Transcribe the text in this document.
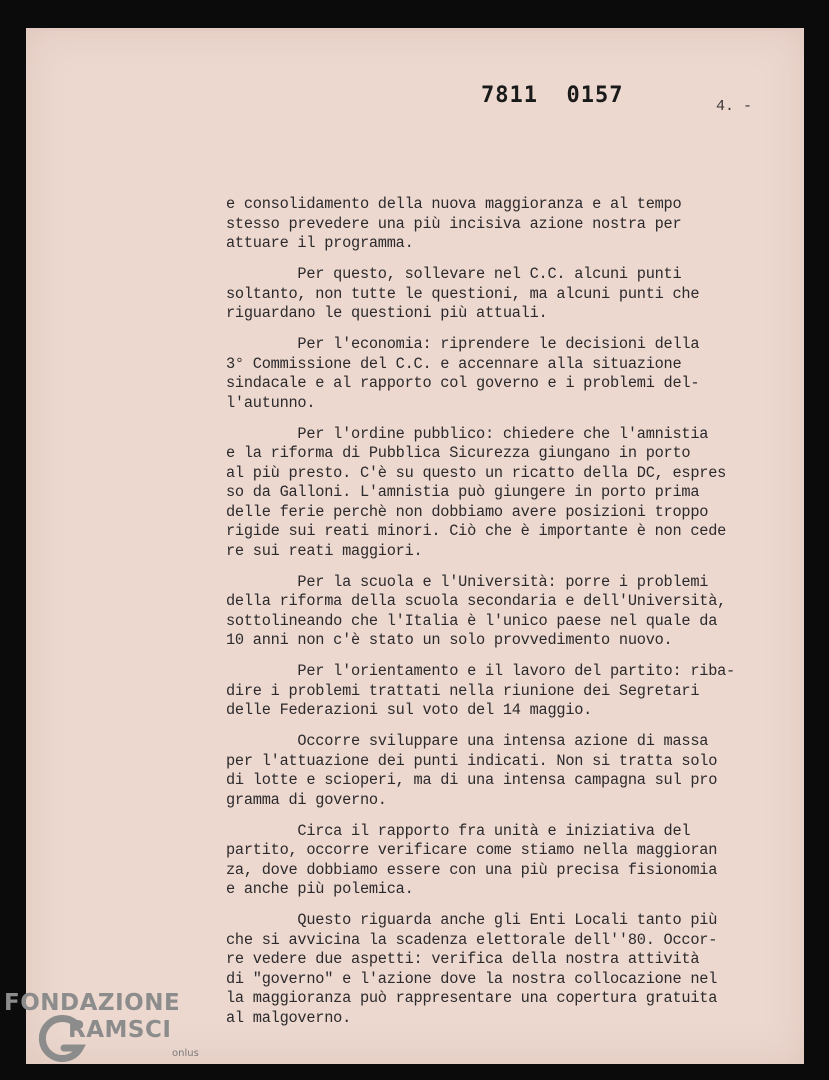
7811  0157	4. -
e consolidamento della nuova maggioranza e al tempo
stesso prevedere una più incisiva azione nostra per
attuare il programma.
Per questo, sollevare nel C.C. alcuni punti
soltanto, non tutte le questioni, ma alcuni punti che
riguardano le questioni più attuali.
Per l'economia: riprendere le decisioni della
3° Commissione del C.C. e accennare alla situazione
sindacale e al rapporto col governo e i problemi del-
l'autunno.
Per l'ordine pubblico: chiedere che l'amnistia
e la riforma di Pubblica Sicurezza giungano in porto
al più presto. C'è su questo un ricatto della DC, espres
so da Galloni. L'amnistia può giungere in porto prima
delle ferie perchè non dobbiamo avere posizioni troppo
rigide sui reati minori. Ciò che è importante è non cede
re sui reati maggiori.
Per la scuola e l'Università: porre i problemi
della riforma della scuola secondaria e dell'Università,
sottolineando che l'Italia è l'unico paese nel quale da
10 anni non c'è stato un solo provvedimento nuovo.
Per l'orientamento e il lavoro del partito: riba-
dire i problemi trattati nella riunione dei Segretari
delle Federazioni sul voto del 14 maggio.
Occorre sviluppare una intensa azione di massa
per l'attuazione dei punti indicati. Non si tratta solo
di lotte e scioperi, ma di una intensa campagna sul pro
gramma di governo.
Circa il rapporto fra unità e iniziativa del
partito, occorre verificare come stiamo nella maggioran
za, dove dobbiamo essere con una più precisa fisionomia
e anche più polemica.
Questo riguarda anche gli Enti Locali tanto più
che si avvicina la scadenza elettorale dell''80. Occor-
re vedere due aspetti: verifica della nostra attività
di "governo" e l'azione dove la nostra collocazione nel
la maggioranza può rappresentare una copertura gratuita
al malgoverno.
FONDAZIONE
RAMSCI
onlus
